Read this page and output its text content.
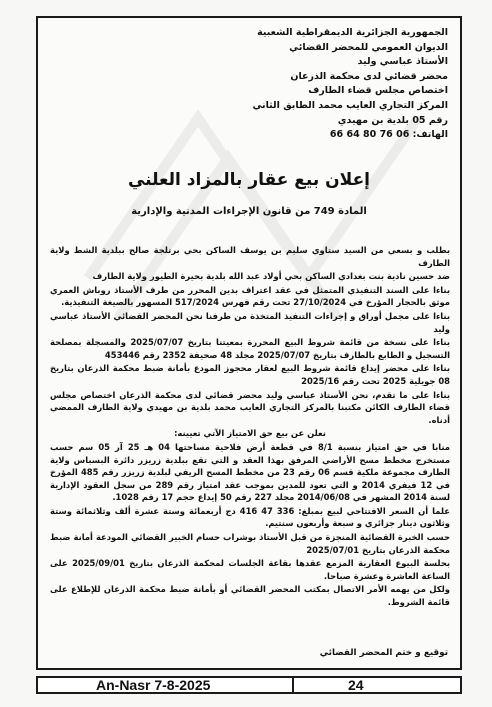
الجمهورية الجزائرية الديمقراطية الشعبية
الديوان العمومي للمحضر القضائي
الأستاذ عباسي وليد
محضر قضائي لدى محكمة الذرعان
اختصاص مجلس قضاء الطارف
المركز التجاري العايب محمد الطابق الثاني
رقم 05 بلدية بن مهيدي
الهاتف: 06 76 80 64 66
إعلان بيع عقار بالمزاد العلني
المادة 749 من قانون الإجراءات المدنية والإدارية

بطلب و بسعي من السيد ستاوي سليم بن يوسف الساكن بحي برتلجة صالح ببلدية الشط ولاية الطارف

ضد حسين نادية بنت بغدادي الساكن بحي أولاد عبد الله بلدية بحيرة الطيور ولاية الطارف

بناءا على السند التنفيذي المتمثل في عقد اعتراف بدين المحرر من طرف الأستاذ روباش العمري موثق بالحجار المؤرخ في 27/10/2024 تحت رقم فهرس 517/2024 المسهور بالصيغة التنفيذية.

بناءا على مجمل أوراق و إجراءات التنفيذ المتخذة من طرفنا نحن المحضر القضائي الأستاذ عباسي وليد

بناءا على نسخة من قائمة شروط البيع المحررة بمعيتنا بتاريخ 2025/07/07 والمسجلة بمصلحة التسجيل و الطابع بالطارف بتاريخ 2025/07/07 مجلد 48 صحيفة 2352 رقم 453446

بناءا على محضر إيداع قائمة شروط البيع لعقار محجوز المودع بأمانة ضبط محكمة الذرعان بتاريخ 08 جويلية 2025 تحت رقم 2025/16

بناءا على ما تقدم، نحن الأستاذ عباسي وليد محضر قضائي لدى محكمة الذرعان اختصاص مجلس قضاء الطارف الكائن مكتبنا بالمركز التجاري العايب محمد بلدية بن مهيدي ولاية الطارف الممضي أدناه.

نعلن عن بيع حق الامتياز الآتي تعيينه:

منابا في حق امتياز بنسبة 8/1 في قطعة أرض فلاحية مساحتها 04 هـ 25 آر 05 سم حسب مستخرج مخطط مسح الأراضي المرفق بهذا العقد و التي تقع ببلدية زريزر دائرة البسباس ولاية الطارف مجموعة ملكية قسم 06 رقم 23 من مخطط المسح الريفي لبلدية زريزر رقم 485 المؤرخ في 12 فيفري 2014 و التي تعود للمدين بموجب عقد امتياز رقم 289 من سجل العقود الإدارية لسنة 2014 المشهر في 2014/06/08 مجلد 227 رقم 50 إيداع حجم 17 رقم 1028.

علما أن السعر الافتتاحي لبيع بمبلغ: 336 47 416 دج أربعمائة وستة عشرة ألف وثلاثمائة وستة وثلاثون دينار جزائري و سبعة وأربعون سنتيم.

حسب الخبرة القضائية المنجزة من قبل الأستاذ بوشراب حسام الخبير القضائي المودعة أمانة ضبط محكمة الذرعان بتاريخ 2025/07/01

بحلسة البيوع العقارية المزمع عقدها بقاعة الجلسات لمحكمة الذرعان بتاريخ 2025/09/01 على الساعة العاشرة وعشرة صباحا.

ولكل من يهمه الأمر الاتصال بمكتب المحضر القضائي أو بأمانة ضبط محكمة الذرعان للإطلاع على قائمة الشروط.

توقيع و ختم المحضر القضائي
An-Nasr 7-8-2025	24
